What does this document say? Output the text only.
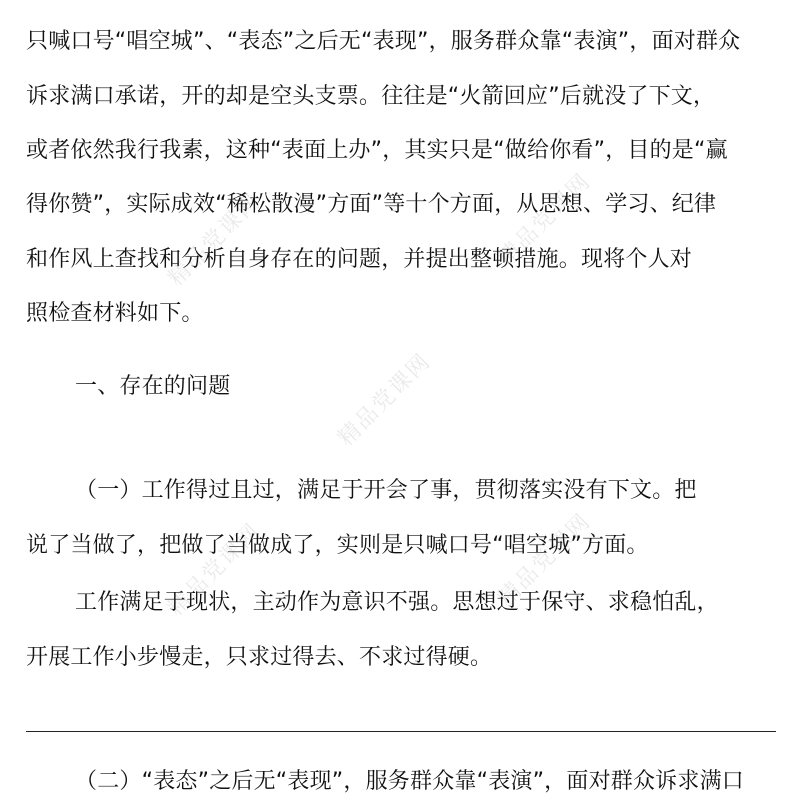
精品党课网	精品党课网
精品党课网
精品党课网	精品党课网
只喊口号“唱空城”、“表态”之后无“表现”，服务群众靠“表演”，面对群众
诉求满口承诺，开的却是空头支票。往往是“火箭回应”后就没了下文，
或者依然我行我素，这种“表面上办”，其实只是“做给你看”，目的是“赢
得你赞”，实际成效“稀松散漫”方面”等十个方面，从思想、学习、纪律
和作风上查找和分析自身存在的问题，并提出整顿措施。现将个人对
照检查材料如下。
一、存在的问题
（一）工作得过且过，满足于开会了事，贯彻落实没有下文。把
说了当做了，把做了当做成了，实则是只喊口号“唱空城”方面。
工作满足于现状，主动作为意识不强。思想过于保守、求稳怕乱，
开展工作小步慢走，只求过得去、不求过得硬。
（二）“表态”之后无“表现”，服务群众靠“表演”，面对群众诉求满口
